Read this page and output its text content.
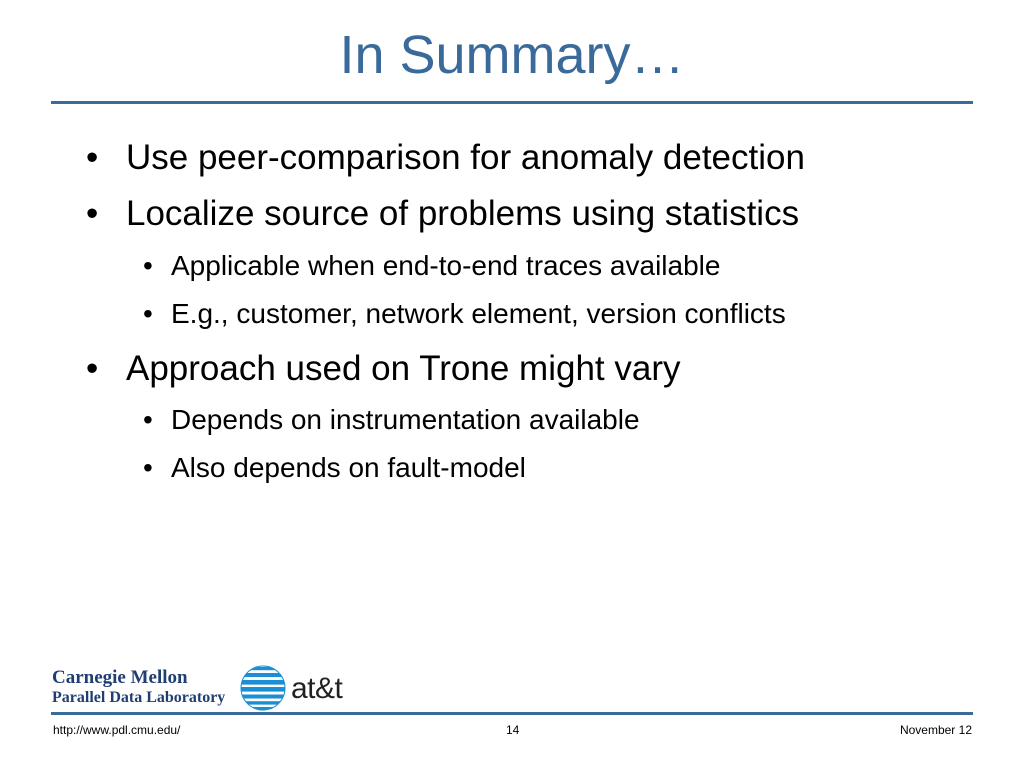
In Summary…
• Use peer-comparison for anomaly detection
• Localize source of problems using statistics
• Applicable when end-to-end traces available
• E.g., customer, network element, version conflicts
• Approach used on Trone might vary
• Depends on instrumentation available
• Also depends on fault-model
Carnegie Mellon
Parallel Data Laboratory at&t
http://www.pdl.cmu.edu/	14	November 12
